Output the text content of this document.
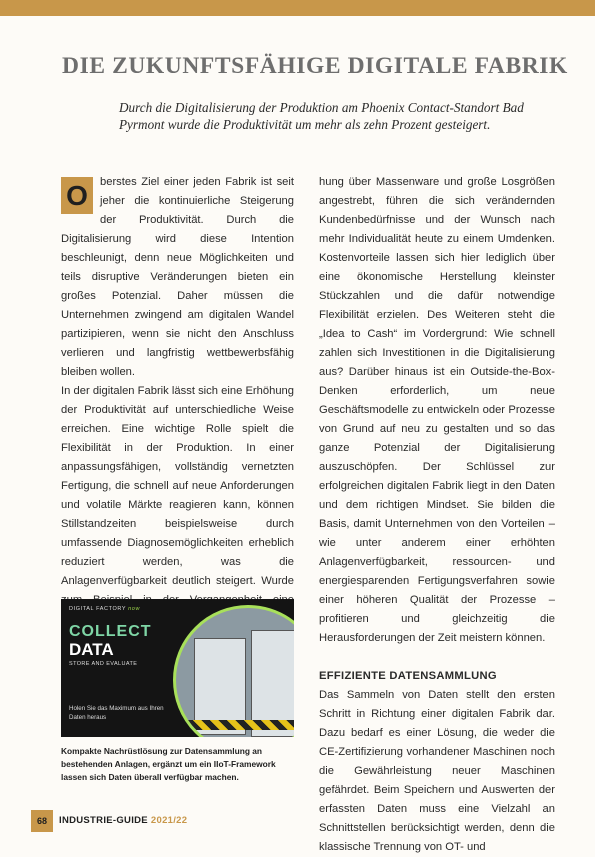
DIE ZUKUNFTSFÄHIGE DIGITALE FABRIK

Durch die Digitalisierung der Produktion am Phoenix Contact-Standort Bad Pyrmont wurde die Produktivität um mehr als zehn Prozent gesteigert.

O	berstes Ziel einer jeden Fabrik ist seit jeher die kontinuierliche Steigerung der Produktivität. Durch die Digitalisierung wird diese Intention beschleunigt, denn neue Möglichkeiten und teils disruptive Veränderungen bieten ein großes Potenzial. Daher müssen die Unternehmen zwingend am digitalen Wandel partizipieren, wenn sie nicht den Anschluss verlieren und langfristig wettbewerbsfähig bleiben wollen.

In der digitalen Fabrik lässt sich eine Erhöhung der Produktivität auf unterschiedliche Weise erreichen. Eine wichtige Rolle spielt die Flexibilität in der Produktion. In einer anpassungsfähigen, vollständig vernetzten Fertigung, die schnell auf neue Anforderungen und volatile Märkte reagieren kann, können Stillstandzeiten beispielsweise durch umfassende Diagnosemöglichkeiten erheblich reduziert werden, was die Anlagenverfügbarkeit deutlich steigert. Wurde

DIGITAL FACTORY now
COLLECT
DATA
STORE AND EVALUATE
Holen Sie das Maximum aus Ihren Daten heraus

Kompakte Nachrüstlösung zur Datensammlung an bestehenden Anlagen, ergänzt um ein IIoT-Framework lassen sich Daten überall verfügbar machen.

hung über Massenware und große Losgrößen angestrebt, führen die sich verändernden Kundenbedürfnisse und der Wunsch nach mehr Individualität heute zu einem Umdenken. Kostenvorteile lassen sich hier lediglich über eine ökonomische Herstellung kleinster Stückzahlen und die dafür notwendige Flexibilität erzielen. Des Weiteren steht die „Idea to Cash“ im Vordergrund: Wie schnell zahlen sich Investitionen in die Digitalisierung aus? Darüber hinaus ist ein Outside-the-Box-Denken erforderlich, um neue Geschäftsmodelle zu entwickeln oder Prozesse von Grund auf neu zu gestalten und so das ganze Potenzial der Digitalisierung auszuschöpfen. Der Schlüssel zur erfolgreichen digitalen Fabrik liegt in den Daten und dem richtigen Mindset. Sie bilden die Basis, damit Unternehmen von den Vorteilen – wie unter anderem einer erhöhten Anlagenverfügbarkeit, ressourcen- und energiesparenden Fertigungsverfahren sowie einer höheren Qualität der Prozesse – profitieren und gleichzeitig die Herausforderungen der Zeit meistern können.

EFFIZIENTE DATENSAMMLUNG

Das Sammeln von Daten stellt den ersten Schritt in Richtung einer digitalen Fabrik dar. Dazu bedarf es einer Lösung, die weder die CE-Zertifizierung vorhandener Maschinen noch die Gewährleistung neuer Maschinen gefährdet. Beim Speichern und Auswerten der erfassten Daten muss eine Vielzahl an Schnittstellen berücksichtigt werden, denn die klassische Trennung von OT- und

68	INDUSTRIE-GUIDE 2021/22
